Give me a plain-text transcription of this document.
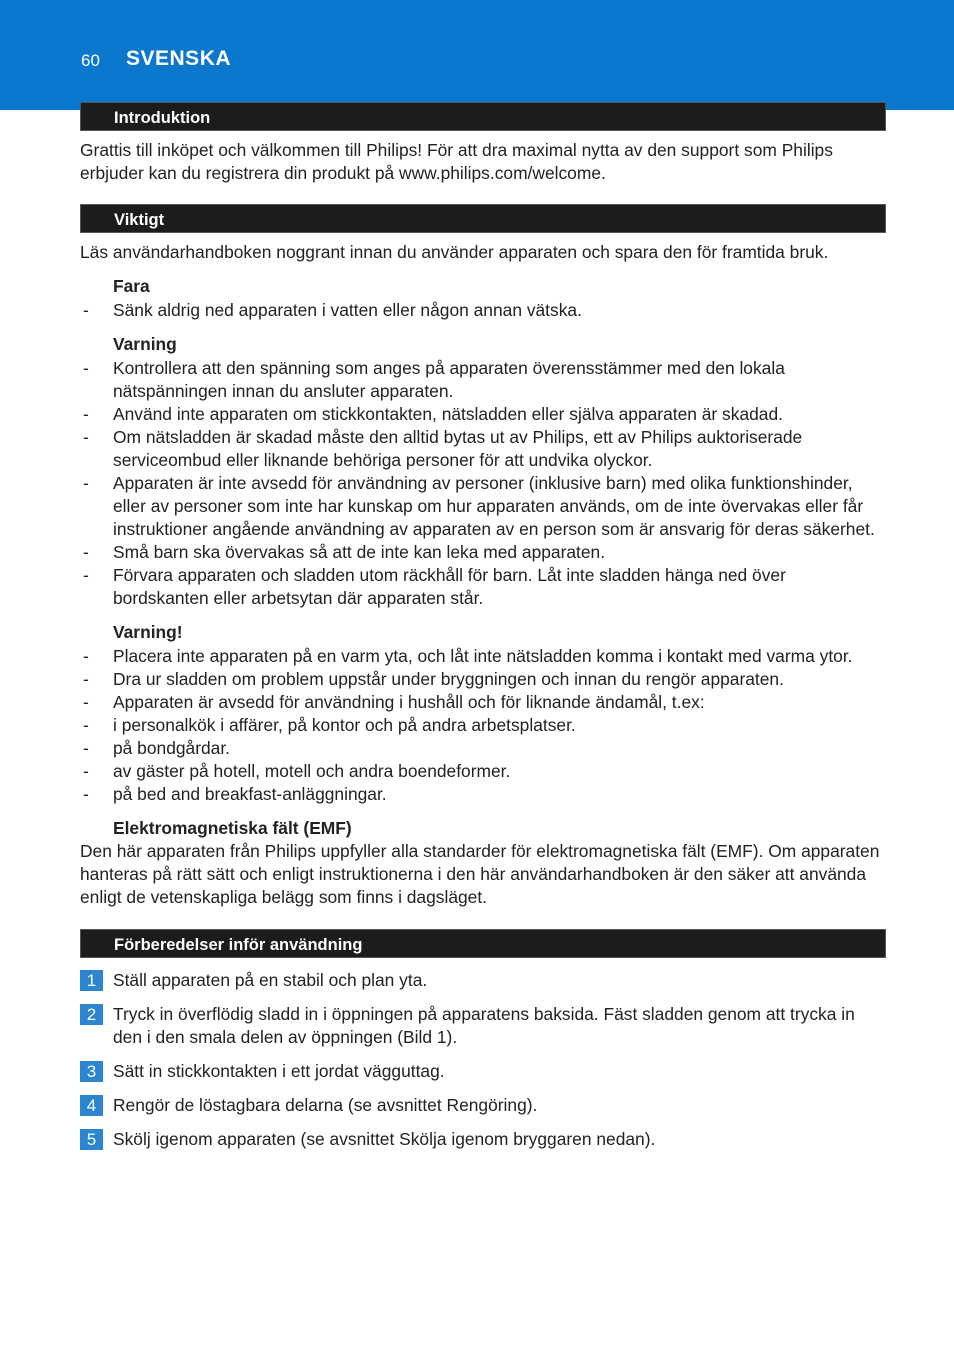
60 SVENSKA
Introduktion

Grattis till inköpet och välkommen till Philips! För att dra maximal nytta av den support som Philips erbjuder kan du registrera din produkt på www.philips.com/welcome.

Viktigt

Läs användarhandboken noggrant innan du använder apparaten och spara den för framtida bruk.

Fara
- Sänk aldrig ned apparaten i vatten eller någon annan vätska.
Varning
- Kontrollera att den spänning som anges på apparaten överensstämmer med den lokala nätspänningen innan du ansluter apparaten.
- Använd inte apparaten om stickkontakten, nätsladden eller själva apparaten är skadad.
- Om nätsladden är skadad måste den alltid bytas ut av Philips, ett av Philips auktoriserade serviceombud eller liknande behöriga personer för att undvika olyckor.
- Apparaten är inte avsedd för användning av personer (inklusive barn) med olika funktionshinder, eller av personer som inte har kunskap om hur apparaten används, om de inte övervakas eller får instruktioner angående användning av apparaten av en person som är ansvarig för deras säkerhet.
- Små barn ska övervakas så att de inte kan leka med apparaten.
- Förvara apparaten och sladden utom räckhåll för barn. Låt inte sladden hänga ned över bordskanten eller arbetsytan där apparaten står.
Varning!
- Placera inte apparaten på en varm yta, och låt inte nätsladden komma i kontakt med varma ytor.
- Dra ur sladden om problem uppstår under bryggningen och innan du rengör apparaten.
- Apparaten är avsedd för användning i hushåll och för liknande ändamål, t.ex:
- i personalkök i affärer, på kontor och på andra arbetsplatser.
- på bondgårdar.
- av gäster på hotell, motell och andra boendeformer.
- på bed and breakfast-anläggningar.
Elektromagnetiska fält (EMF)

Den här apparaten från Philips uppfyller alla standarder för elektromagnetiska fält (EMF). Om apparaten hanteras på rätt sätt och enligt instruktionerna i den här användarhandboken är den säker att använda enligt de vetenskapliga belägg som finns i dagsläget.

Förberedelser inför användning
1 Ställ apparaten på en stabil och plan yta.
2 Tryck in överflödig sladd in i öppningen på apparatens baksida. Fäst sladden genom att trycka in den i den smala delen av öppningen (Bild 1).
3 Sätt in stickkontakten i ett jordat vägguttag.
4 Rengör de löstagbara delarna (se avsnittet Rengöring).
5 Skölj igenom apparaten (se avsnittet Skölja igenom bryggaren nedan).
